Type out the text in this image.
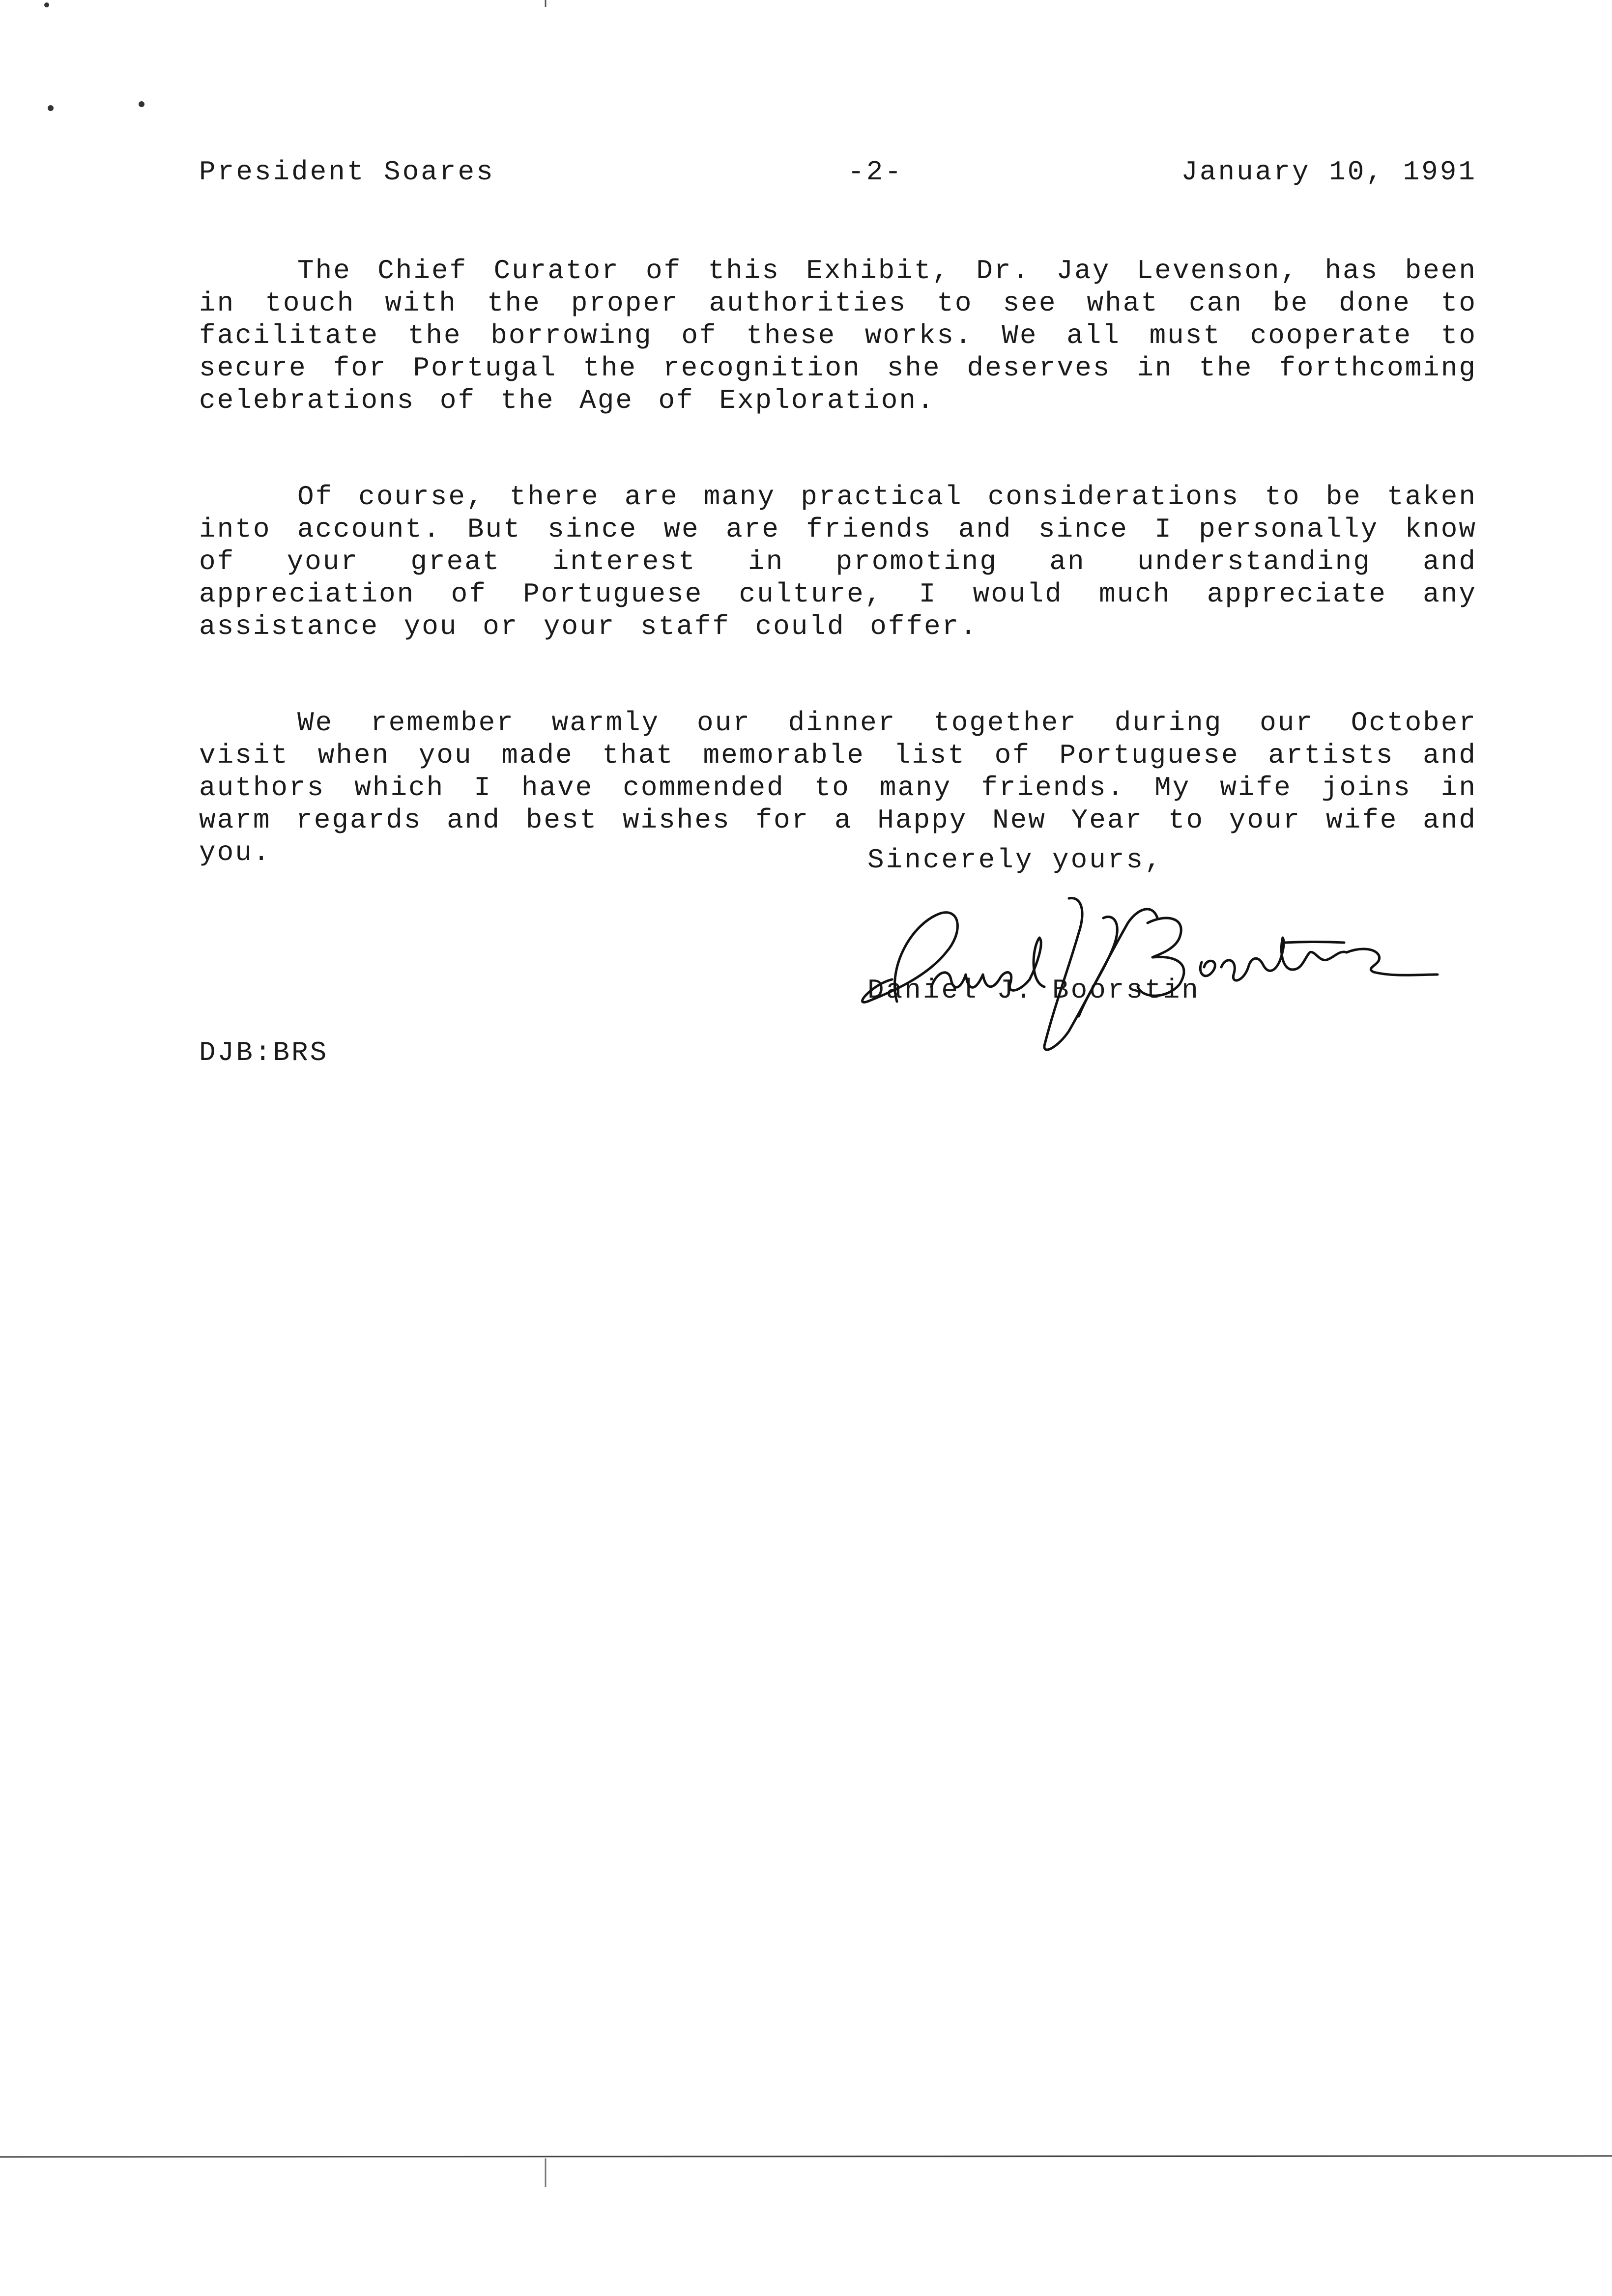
President Soares	-2-	January 10, 1991

The Chief Curator of this Exhibit, Dr. Jay Levenson, has been in touch with the proper authorities to see what can be done to facilitate the borrowing of these works. We all must cooperate to secure for Portugal the recognition she deserves in the forthcoming celebrations of the Age of Exploration.

Of course, there are many practical considerations to be taken into account. But since we are friends and since I personally know of your great interest in promoting an understanding and appreciation of Portuguese culture, I would much appreciate any assistance you or your staff could offer.

We remember warmly our dinner together during our October visit when you made that memorable list of Portuguese artists and authors which I have commended to many friends. My wife joins in warm regards and best wishes for a Happy New Year to your wife and you.	Sincerely yours,
Daniel J. Boorstin
DJB:BRS
